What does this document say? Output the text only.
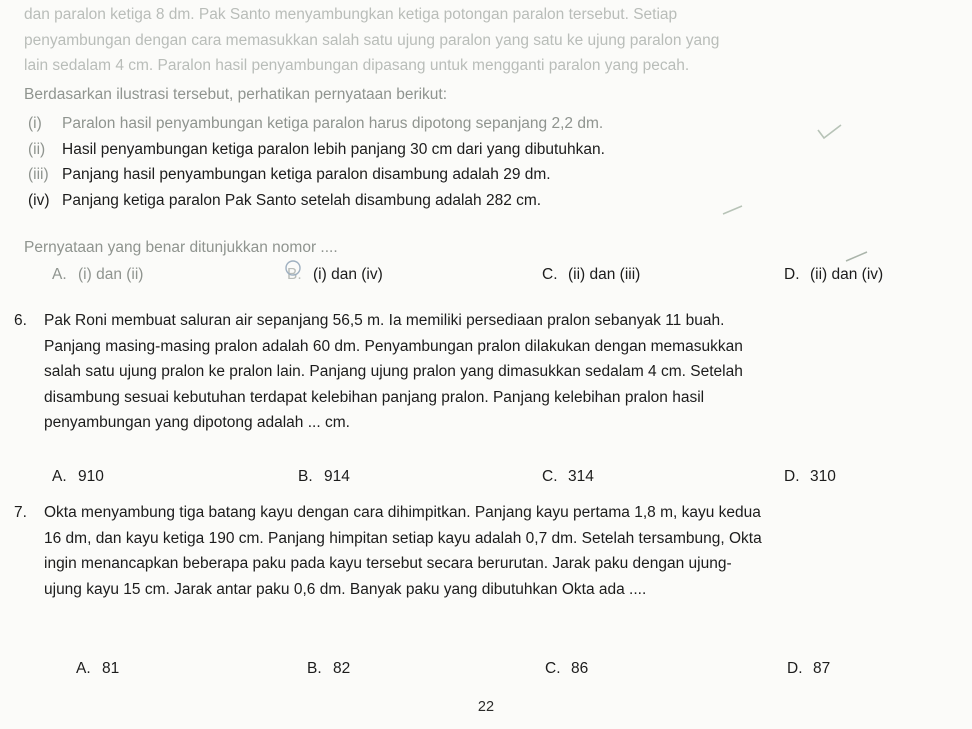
dan paralon ketiga 8 dm. Pak Santo menyambungkan ketiga potongan paralon tersebut. Setiap
penyambungan dengan cara memasukkan salah satu ujung paralon yang satu ke ujung paralon yang
lain sedalam 4 cm. Paralon hasil penyambungan dipasang untuk mengganti paralon yang pecah.
Berdasarkan ilustrasi tersebut, perhatikan pernyataan berikut:
(i) Paralon hasil penyambungan ketiga paralon harus dipotong sepanjang 2,2 dm.
(ii) Hasil penyambungan ketiga paralon lebih panjang 30 cm dari yang dibutuhkan.
(iii) Panjang hasil penyambungan ketiga paralon disambung adalah 29 dm.
(iv) Panjang ketiga paralon Pak Santo setelah disambung adalah 282 cm.
Pernyataan yang benar ditunjukkan nomor ....
A. (i) dan (ii)	B. (i) dan (iv)	C. (ii) dan (iii)	D. (ii) dan (iv)
6. Pak Roni membuat saluran air sepanjang 56,5 m. Ia memiliki persediaan pralon sebanyak 11 buah.
Panjang masing-masing pralon adalah 60 dm. Penyambungan pralon dilakukan dengan memasukkan
salah satu ujung pralon ke pralon lain. Panjang ujung pralon yang dimasukkan sedalam 4 cm. Setelah
disambung sesuai kebutuhan terdapat kelebihan panjang pralon. Panjang kelebihan pralon hasil
penyambungan yang dipotong adalah ... cm.
A. 910	B. 914	C. 314	D. 310
7. Okta menyambung tiga batang kayu dengan cara dihimpitkan. Panjang kayu pertama 1,8 m, kayu kedua
16 dm, dan kayu ketiga 190 cm. Panjang himpitan setiap kayu adalah 0,7 dm. Setelah tersambung, Okta
ingin menancapkan beberapa paku pada kayu tersebut secara berurutan. Jarak paku dengan ujung-
ujung kayu 15 cm. Jarak antar paku 0,6 dm. Banyak paku yang dibutuhkan Okta ada ....
A. 81	B. 82	C. 86	D. 87
22
